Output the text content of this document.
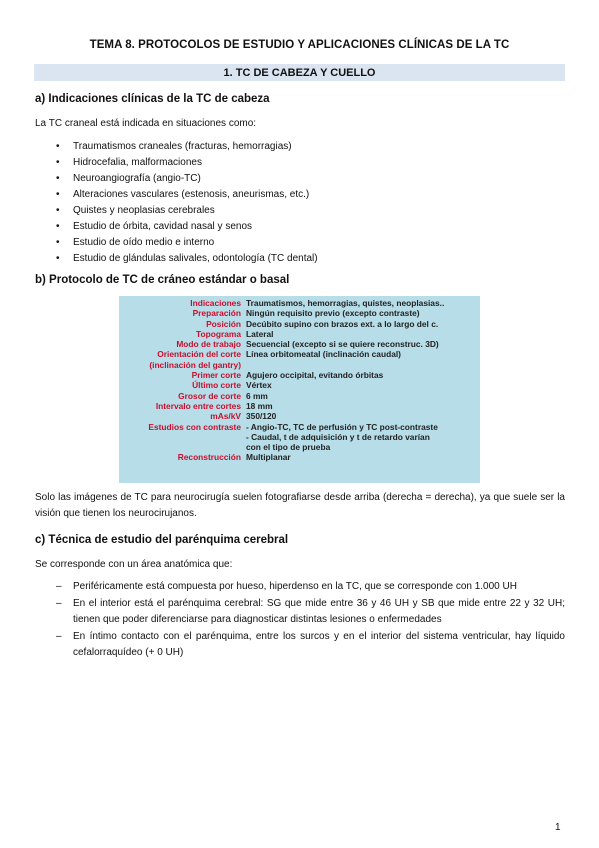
TEMA 8. PROTOCOLOS DE ESTUDIO Y APLICACIONES CLÍNICAS DE LA TC
1. TC DE CABEZA Y CUELLO
a) Indicaciones clínicas de la TC de cabeza
La TC craneal está indicada en situaciones como:
• Traumatismos craneales (fracturas, hemorragias)
• Hidrocefalia, malformaciones
• Neuroangiografía (angio-TC)
• Alteraciones vasculares (estenosis, aneurismas, etc.)
• Quistes y neoplasias cerebrales
• Estudio de órbita, cavidad nasal y senos
• Estudio de oído medio e interno
• Estudio de glándulas salivales, odontología (TC dental)
b) Protocolo de TC de cráneo estándar o basal
Indicaciones Traumatismos, hemorragias, quistes, neoplasias..
Preparación Ningún requisito previo (excepto contraste)
Posición Decúbito supino con brazos ext. a lo largo del c.
Topograma Lateral
Modo de trabajo Secuencial (excepto si se quiere reconstruc. 3D)
Orientación del corte
(inclinación del gantry)
Línea orbitomeatal (inclinación caudal)
Primer corte Agujero occipital, evitando órbitas
Último corte Vértex
Grosor de corte 6 mm
Intervalo entre cortes 18 mm
mAs/kV 350/120
Estudios con contraste - Angio-TC, TC de perfusión y TC post-contraste
- Caudal, t de adquisición y t de retardo varían
con el tipo de prueba
Reconstrucción Multiplanar
Solo las imágenes de TC para neurocirugía suelen fotografiarse desde arriba (derecha = derecha), ya que suele ser la visión que tienen los neurocirujanos.
c) Técnica de estudio del parénquima cerebral
Se corresponde con un área anatómica que:
– Periféricamente está compuesta por hueso, hiperdenso en la TC, que se corresponde con 1.000 UH
– En el interior está el parénquima cerebral: SG que mide entre 36 y 46 UH y SB que mide entre 22 y 32 UH; tienen que poder diferenciarse para diagnosticar distintas lesiones o enfermedades
– En íntimo contacto con el parénquima, entre los surcos y en el interior del sistema ventricular, hay líquido cefalorraquídeo (+ 0 UH)
1
